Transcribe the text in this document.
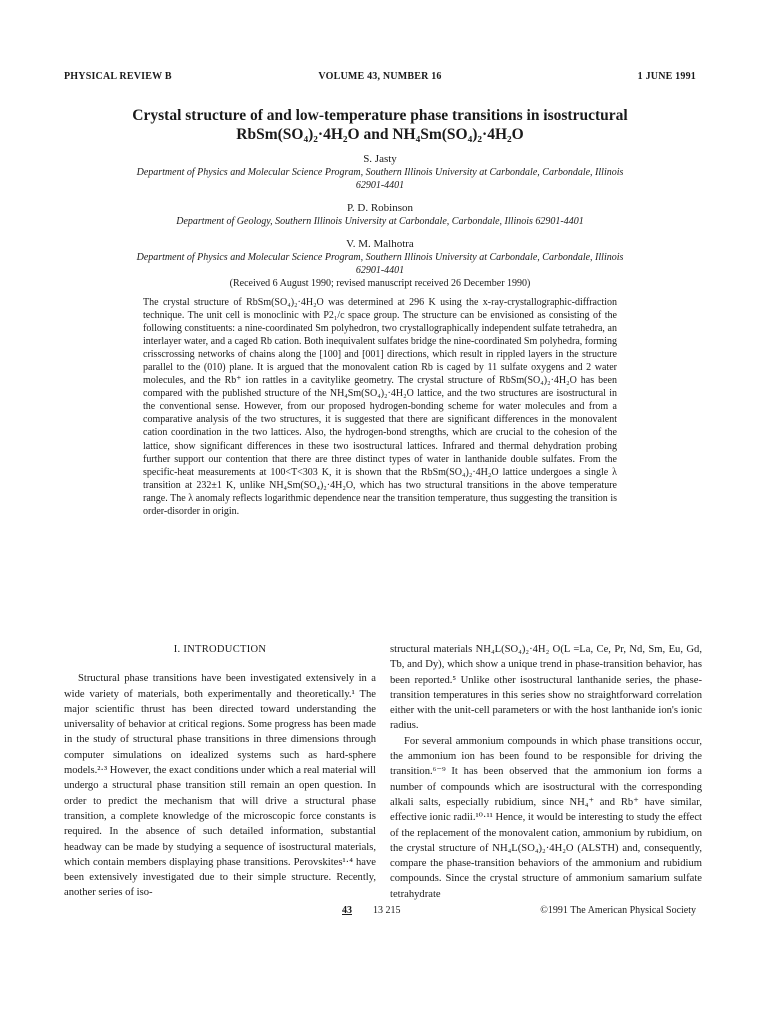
PHYSICAL REVIEW B	VOLUME 43, NUMBER 16	1 JUNE 1991
Crystal structure of and low-temperature phase transitions in isostructural
RbSm(SO₄)₂·4H₂O and NH₄Sm(SO₄)₂·4H₂O
S. Jasty
Department of Physics and Molecular Science Program, Southern Illinois University at Carbondale, Carbondale, Illinois 62901-4401
P. D. Robinson
Department of Geology, Southern Illinois University at Carbondale, Carbondale, Illinois 62901-4401
V. M. Malhotra
Department of Physics and Molecular Science Program, Southern Illinois University at Carbondale, Carbondale, Illinois 62901-4401
(Received 6 August 1990; revised manuscript received 26 December 1990)
The crystal structure of RbSm(SO₄)₂·4H₂O was determined at 296 K using the x-ray-crystallographic-diffraction technique. The unit cell is monoclinic with P2₁/c space group. The structure can be envisioned as consisting of the following constituents: a nine-coordinated Sm polyhedron, two crystallographically independent sulfate tetrahedra, an interlayer water, and a caged Rb cation. Both inequivalent sulfates bridge the nine-coordinated Sm polyhedra, forming crisscrossing networks of chains along the [100] and [001] directions, which result in rippled layers in the structure parallel to the (010) plane. It is argued that the monovalent cation Rb is caged by 11 sulfate oxygens and 2 water molecules, and the Rb⁺ ion rattles in a cavitylike geometry. The crystal structure of RbSm(SO₄)₂·4H₂O has been compared with the published structure of the NH₄Sm(SO₄)₂·4H₂O lattice, and the two structures are isostructural in the conventional sense. However, from our proposed hydrogen-bonding scheme for water molecules and from a comparative analysis of the two structures, it is suggested that there are significant differences in the monovalent cation coordination in the two lattices. Also, the hydrogen-bond strengths, which are crucial to the cohesion of the lattice, show significant differences in these two isostructural lattices. Infrared and thermal dehydration probing further support our contention that there are three distinct types of water in lanthanide double sulfates. From the specific-heat measurements at 100<T<303 K, it is shown that the RbSm(SO₄)₂·4H₂O lattice undergoes a single λ transition at 232±1 K, unlike NH₄Sm(SO₄)₂·4H₂O, which has two structural transitions in the above temperature range. The λ anomaly reflects logarithmic dependence near the transition temperature, thus suggesting the transition is order-disorder in origin.
I. INTRODUCTION

Structural phase transitions have been investigated extensively in a wide variety of materials, both experimentally and theoretically.¹ The major scientific thrust has been directed toward understanding the universality of behavior at critical regions. Some progress has been made in the study of structural phase transitions in three dimensions through computer simulations on idealized systems such as hard-sphere models.²·³ However, the exact conditions under which a real material will undergo a structural phase transition still remain an open question. In order to predict the mechanism that will drive a structural phase transition, a complete knowledge of the microscopic force constants is required. In the absence of such detailed information, substantial headway can be made by studying a sequence of isostructural materials, which contain members displaying phase transitions. Perovskites¹·⁴ have been extensively investigated due to their simple structure. Recently, another series of iso-

structural materials NH₄L(SO₄)₂·4H₂ O(L =La, Ce, Pr, Nd, Sm, Eu, Gd, Tb, and Dy), which show a unique trend in phase-transition behavior, has been reported.⁵ Unlike other isostructural lanthanide series, the phase-transition temperatures in this series show no straightforward correlation either with the unit-cell parameters or with the host lanthanide ion's ionic radius.

For several ammonium compounds in which phase transitions occur, the ammonium ion has been found to be responsible for driving the transition.⁶⁻⁹ It has been observed that the ammonium ion forms a number of compounds which are isostructural with the corresponding alkali salts, especially rubidium, since NH₄⁺ and Rb⁺ have similar, effective ionic radii.¹⁰·¹¹ Hence, it would be interesting to study the effect of the replacement of the monovalent cation, ammonium by rubidium, on the crystal structure of NH₄L(SO₄)₂·4H₂O (ALSTH) and, consequently, compare the phase-transition behaviors of the ammonium and rubidium compounds. Since the crystal structure of ammonium samarium sulfate tetrahydrate

43 13 215	©1991 The American Physical Society
